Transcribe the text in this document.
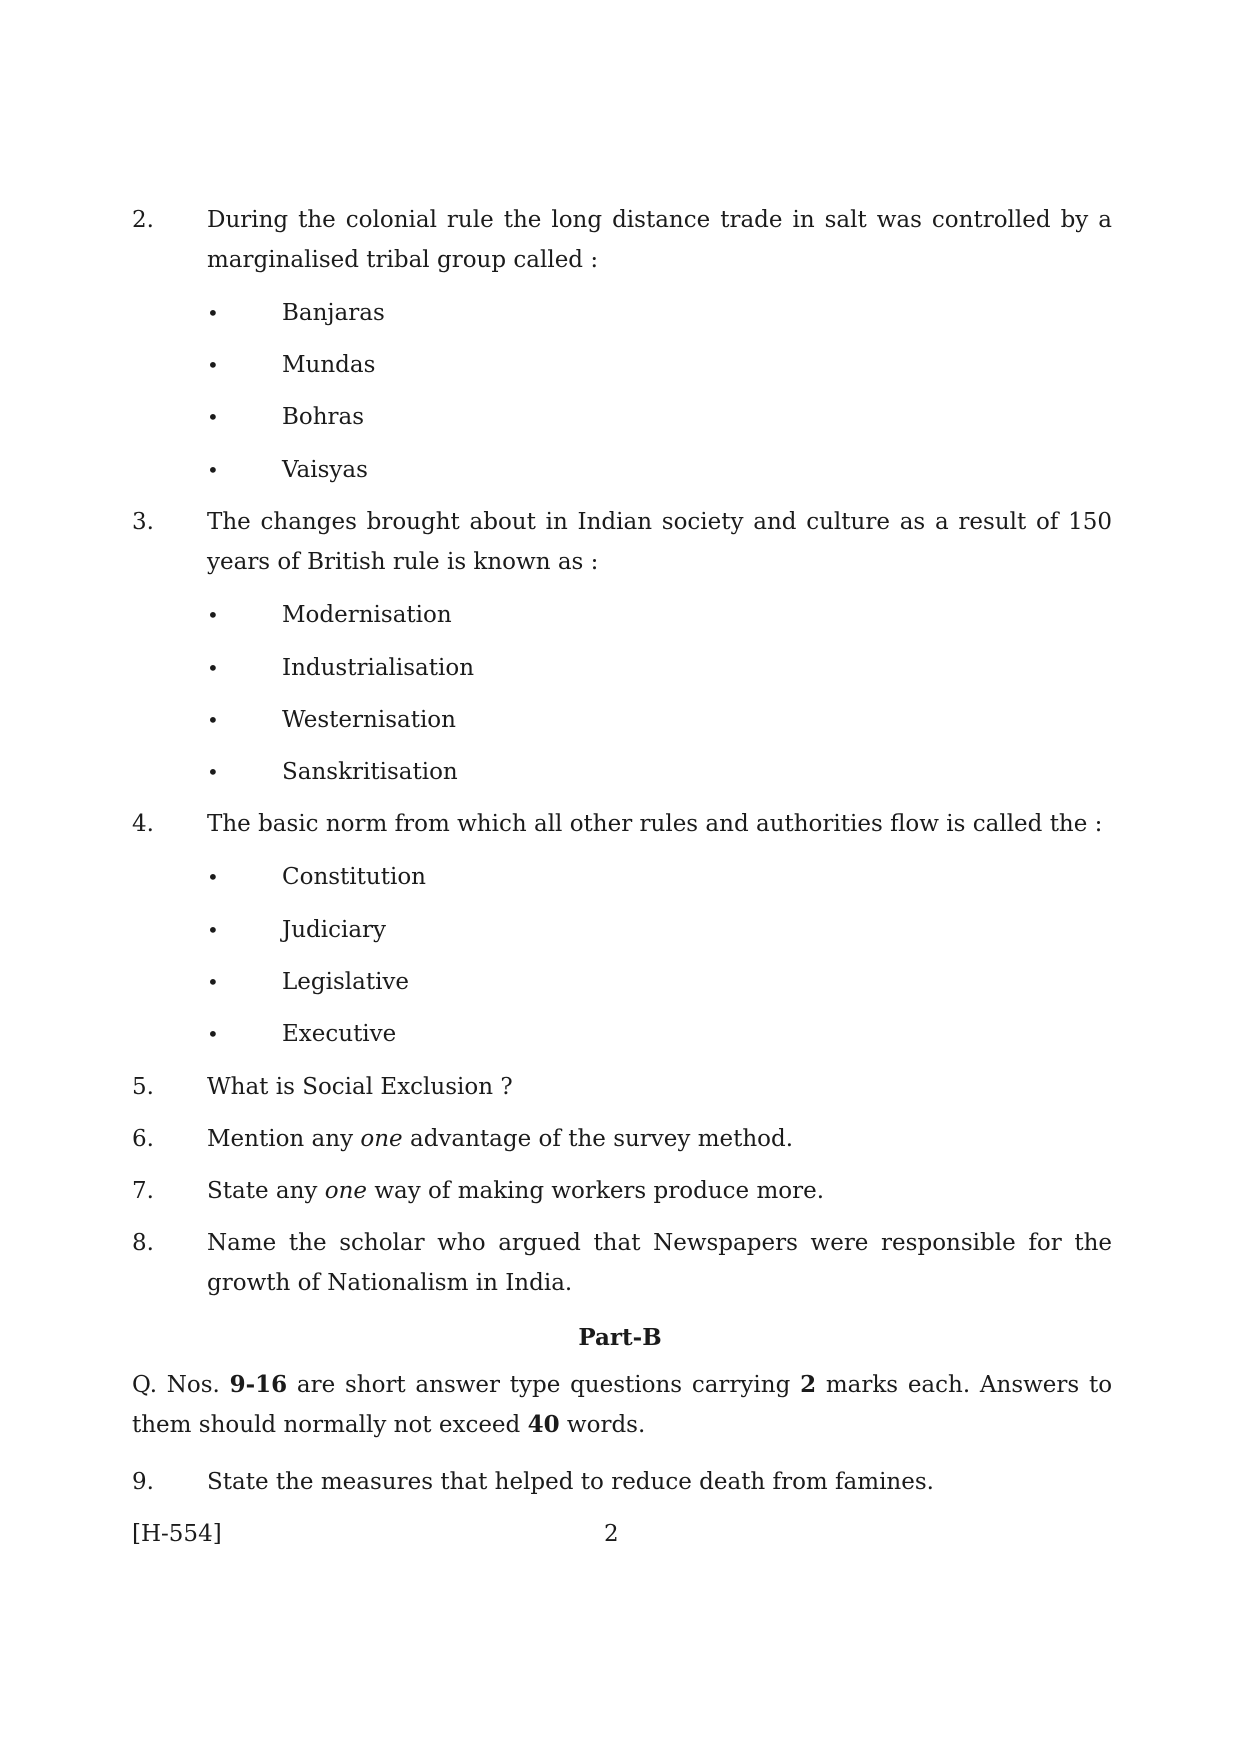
2.	During the colonial rule the long distance trade in salt was controlled by a marginalised tribal group called :
•	Banjaras
•	Mundas
•	Bohras
•	Vaisyas
3.	The changes brought about in Indian society and culture as a result of 150 years of British rule is known as :
•	Modernisation
•	Industrialisation
•	Westernisation
•	Sanskritisation
4.	The basic norm from which all other rules and authorities flow is called the :
•	Constitution
•	Judiciary
•	Legislative
•	Executive
5.	What is Social Exclusion ?
6.	Mention any one advantage of the survey method.
7.	State any one way of making workers produce more.
8.	Name the scholar who argued that Newspapers were responsible for the growth of Nationalism in India.
Part-B
Q. Nos. 9-16 are short answer type questions carrying 2 marks each. Answers to them should normally not exceed 40 words.
9.	State the measures that helped to reduce death from famines.
[H-554]	2
